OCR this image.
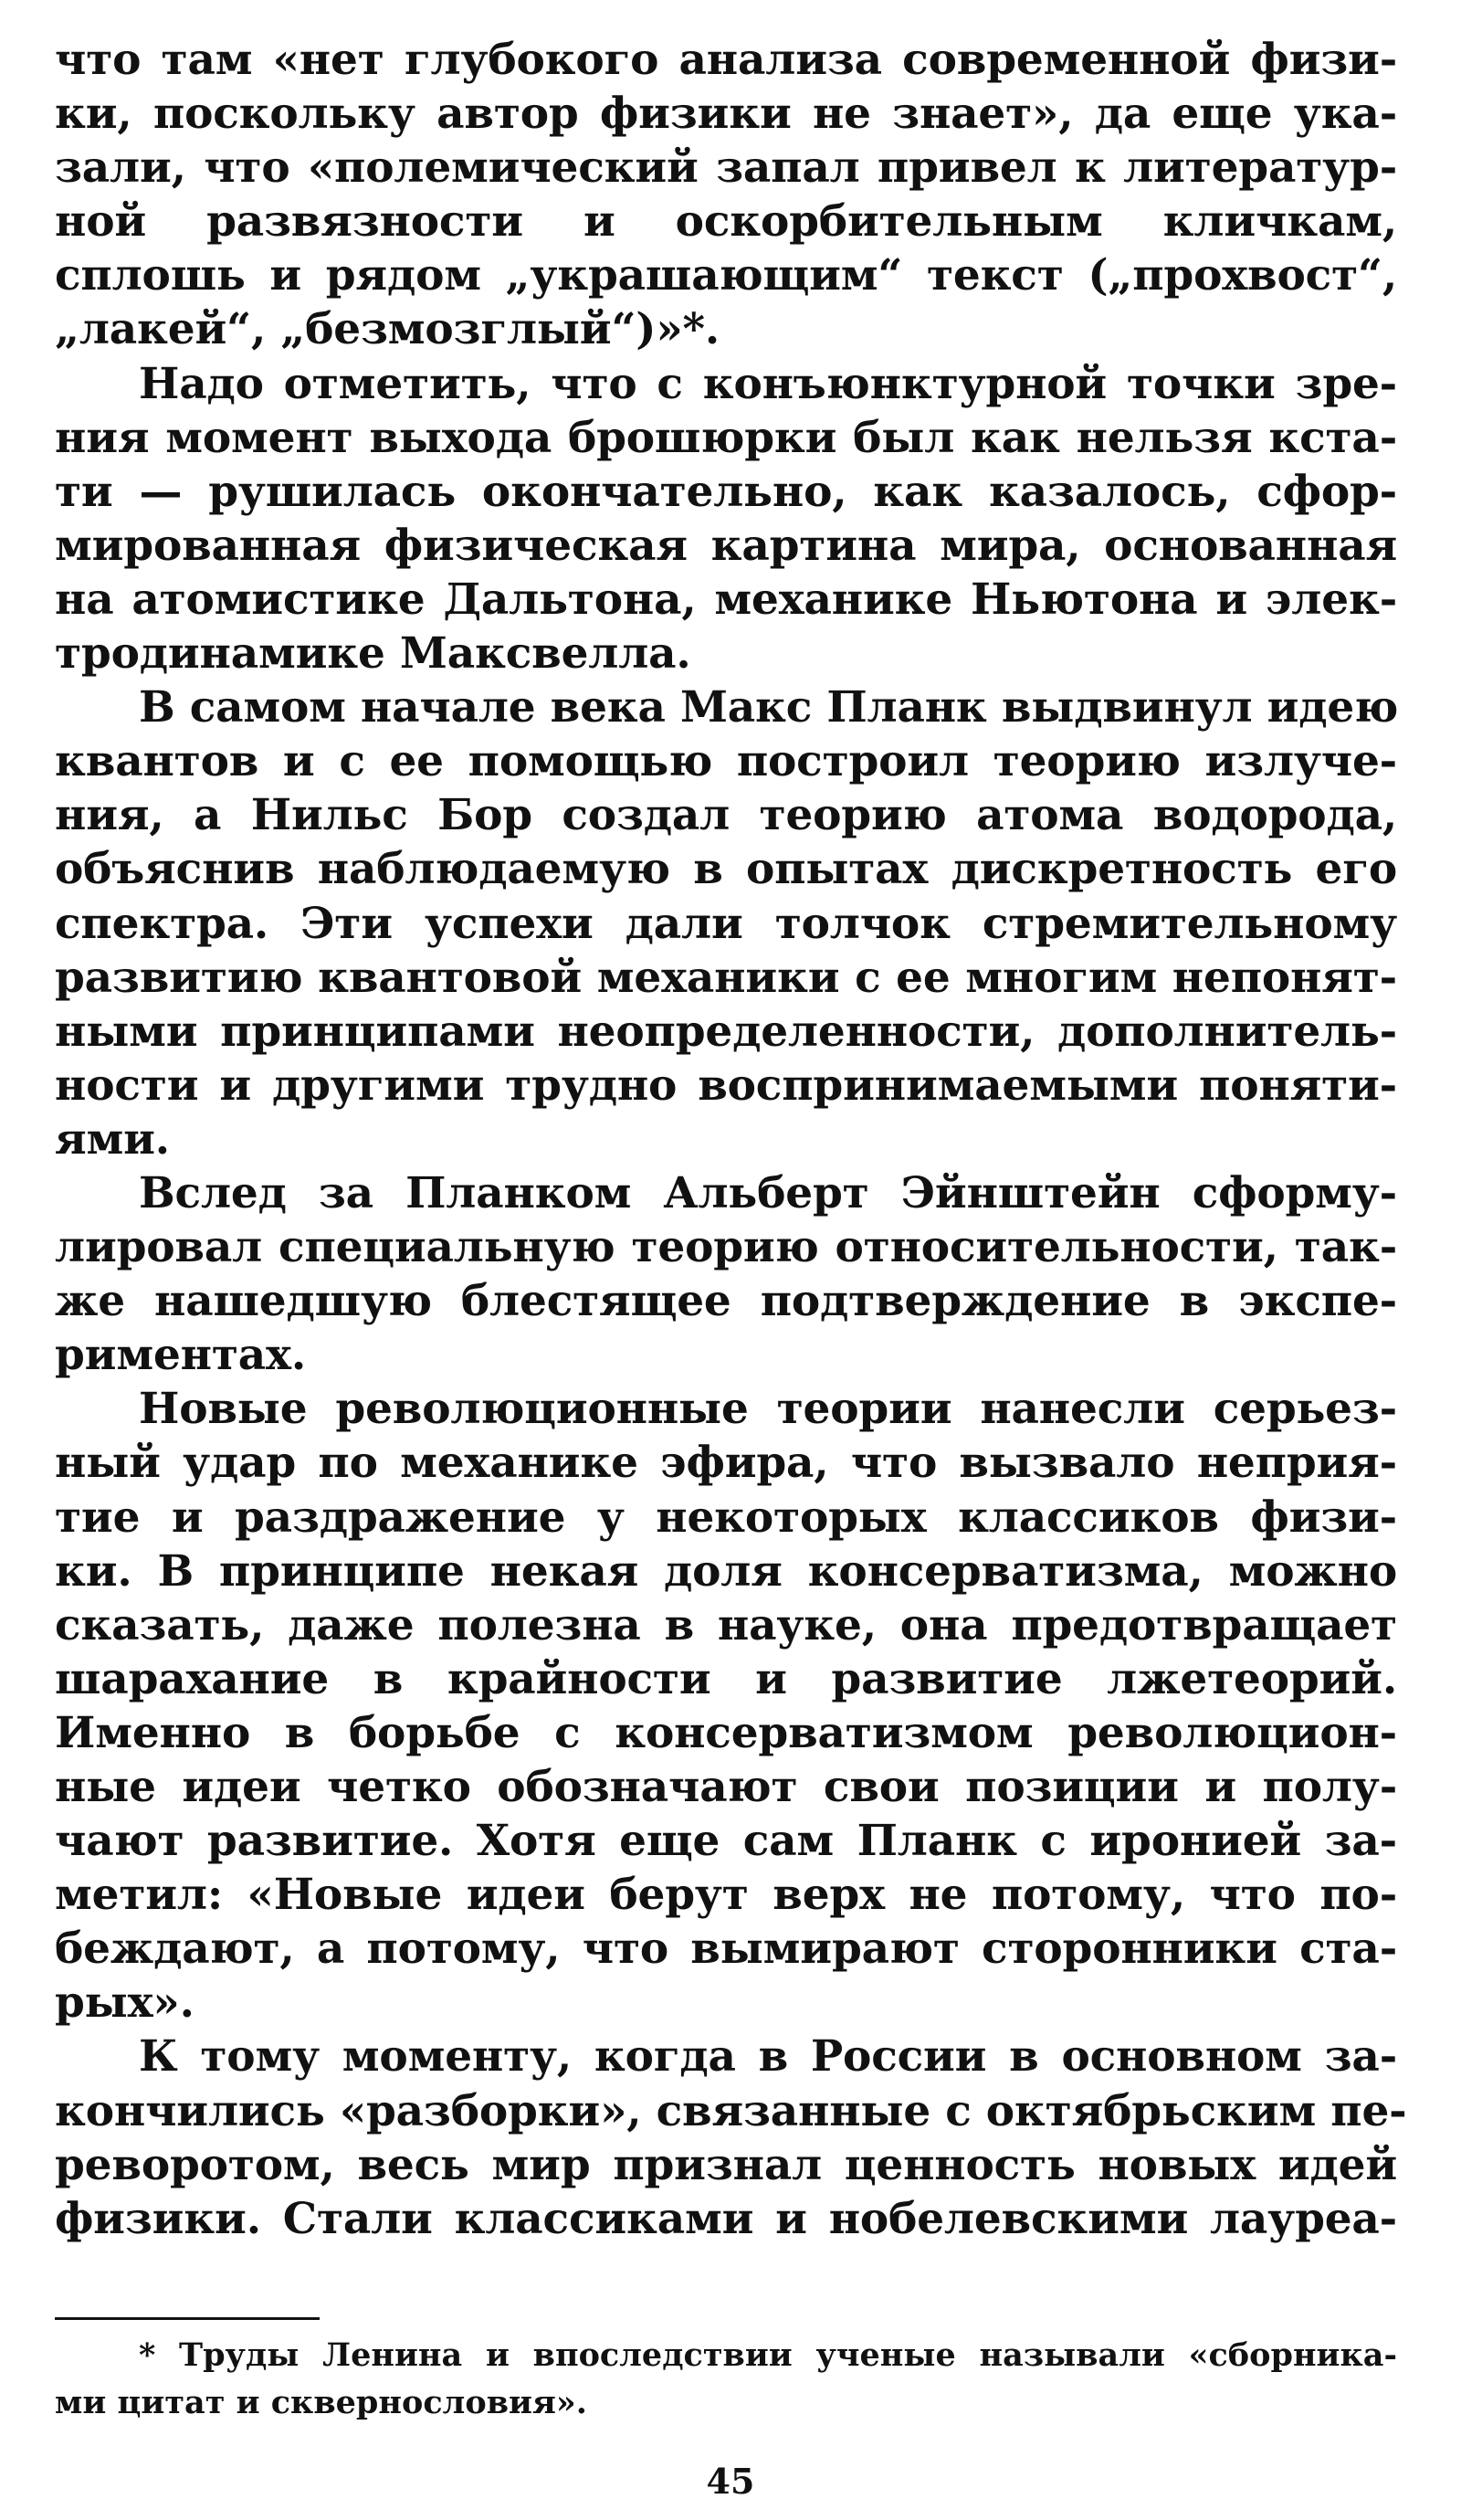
что там «нет глубокого анализа современной физи-
ки, поскольку автор физики не знает», да еще ука-
зали, что «полемический запал привел к литератур-
ной развязности и оскорбительным кличкам,
сплошь и рядом „украшающим“ текст („прохвост“,
„лакей“, „безмозглый“)»*.
Надо отметить, что с конъюнктурной точки зре-
ния момент выхода брошюрки был как нельзя кста-
ти — рушилась окончательно, как казалось, сфор-
мированная физическая картина мира, основанная
на атомистике Дальтона, механике Ньютона и элек-
тродинамике Максвелла.
В самом начале века Макс Планк выдвинул идею
квантов и с ее помощью построил теорию излуче-
ния, а Нильс Бор создал теорию атома водорода,
объяснив наблюдаемую в опытах дискретность его
спектра. Эти успехи дали толчок стремительному
развитию квантовой механики с ее многим непонят-
ными принципами неопределенности, дополнитель-
ности и другими трудно воспринимаемыми поняти-
ями.
Вслед за Планком Альберт Эйнштейн сформу-
лировал специальную теорию относительности, так-
же нашедшую блестящее подтверждение в экспе-
риментах.
Новые революционные теории нанесли серьез-
ный удар по механике эфира, что вызвало неприя-
тие и раздражение у некоторых классиков физи-
ки. В принципе некая доля консерватизма, можно
сказать, даже полезна в науке, она предотвращает
шарахание в крайности и развитие лжетеорий.
Именно в борьбе с консерватизмом революцион-
ные идеи четко обозначают свои позиции и полу-
чают развитие. Хотя еще сам Планк с иронией за-
метил: «Новые идеи берут верх не потому, что по-
беждают, а потому, что вымирают сторонники ста-
рых».
К тому моменту, когда в России в основном за-
кончились «разборки», связанные с октябрьским пе-
реворотом, весь мир признал ценность новых идей
физики. Стали классиками и нобелевскими лауреа-
* Труды Ленина и впоследствии ученые называли «сборника-
ми цитат и сквернословия».
45
